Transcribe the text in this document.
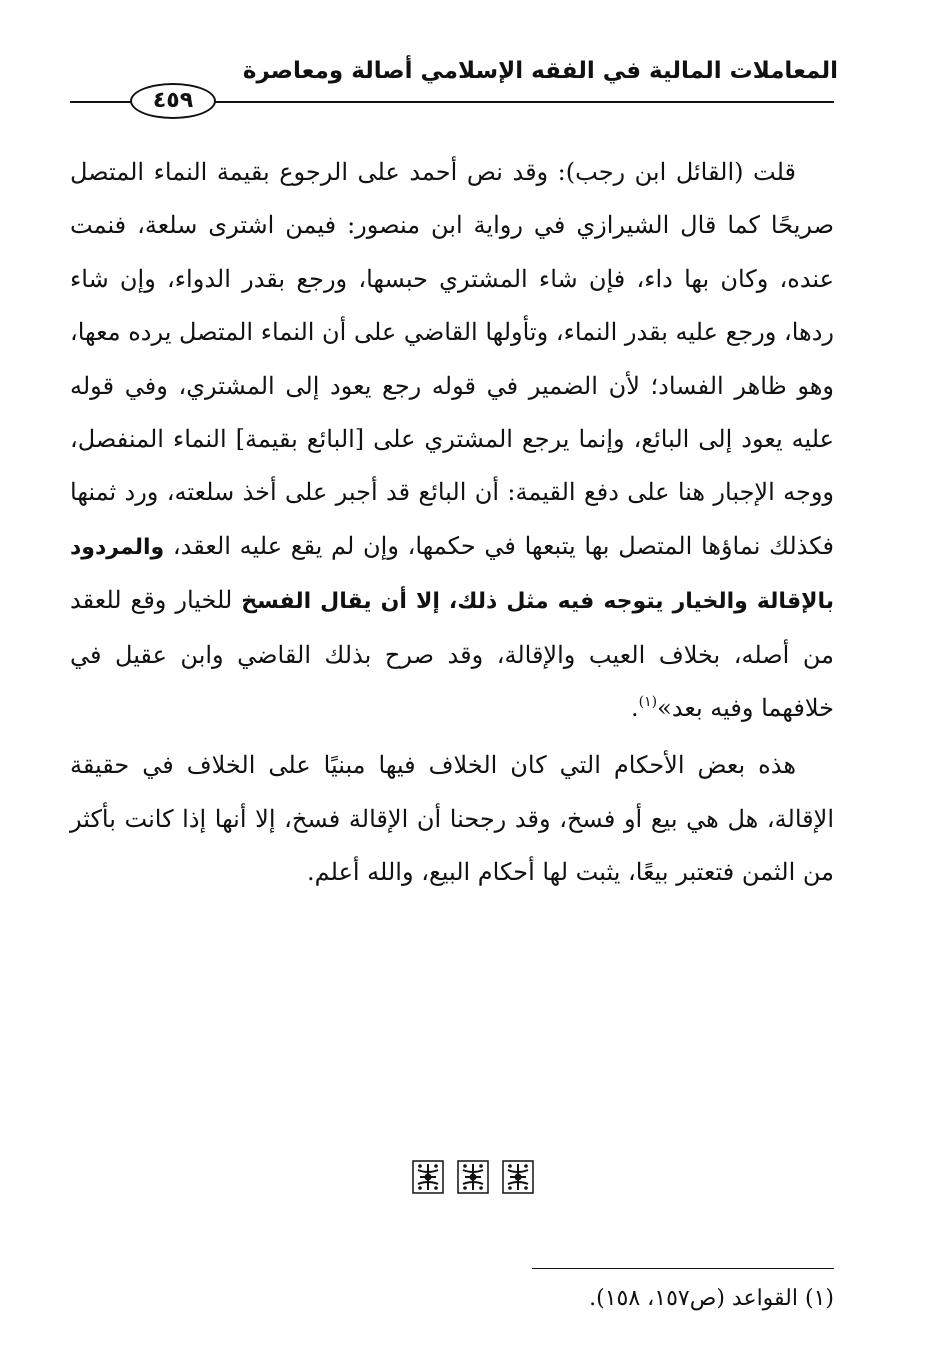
المعاملات المالية في الفقه الإسلامي أصالة ومعاصرة
٤٥٩

قلت (القائل ابن رجب): وقد نص أحمد على الرجوع بقيمة النماء المتصل صريحًا كما قال الشيرازي في رواية ابن منصور: فيمن اشترى سلعة، فنمت عنده، وكان بها داء، فإن شاء المشتري حبسها، ورجع بقدر الدواء، وإن شاء ردها، ورجع عليه بقدر النماء، وتأولها القاضي على أن النماء المتصل يرده معها، وهو ظاهر الفساد؛ لأن الضمير في قوله رجع يعود إلى المشتري، وفي قوله عليه يعود إلى البائع، وإنما يرجع المشتري على [البائع بقيمة] النماء المنفصل، ووجه الإجبار هنا على دفع القيمة: أن البائع قد أجبر على أخذ سلعته، ورد ثمنها فكذلك نماؤها المتصل بها يتبعها في حكمها، وإن لم يقع عليه العقد، والمردود بالإقالة والخيار يتوجه فيه مثل ذلك، إلا أن يقال الفسخ للخيار وقع للعقد من أصله، بخلاف العيب والإقالة، وقد صرح بذلك القاضي وابن عقيل في خلافهما وفيه بعد»$^{(١)}$.

هذه بعض الأحكام التي كان الخلاف فيها مبنيًا على الخلاف في حقيقة الإقالة، هل هي بيع أو فسخ، وقد رجحنا أن الإقالة فسخ، إلا أنها إذا كانت بأكثر من الثمن فتعتبر بيعًا، يثبت لها أحكام البيع، والله أعلم.

(١) القواعد (ص١٥٧، ١٥٨).
